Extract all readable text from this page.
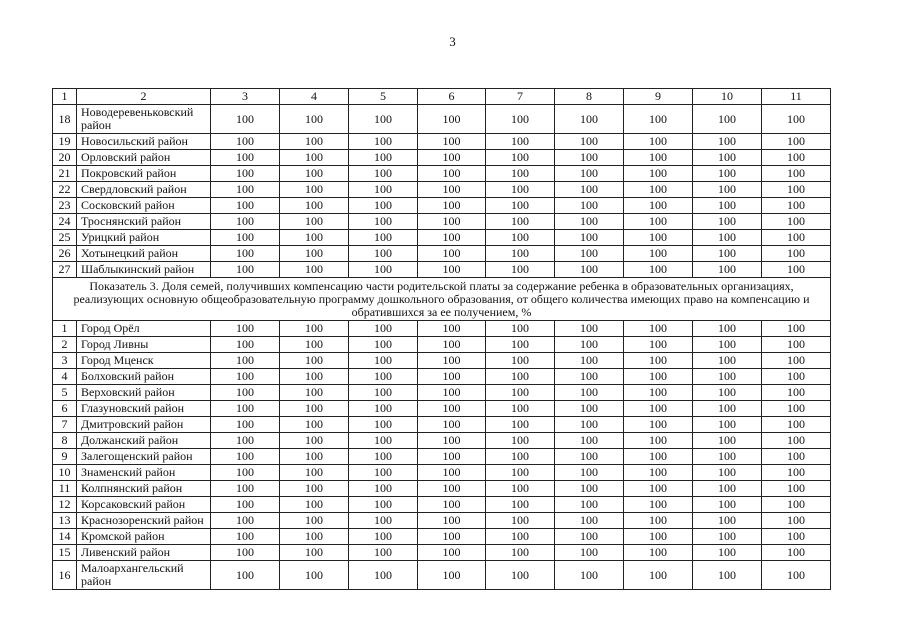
3
1	2	3	4	5	6	7	8	9	10	11
18	Новодеревеньковский район	100	100	100	100	100	100	100	100	100
19	Новосильский район	100	100	100	100	100	100	100	100	100
20	Орловский район	100	100	100	100	100	100	100	100	100
21	Покровский район	100	100	100	100	100	100	100	100	100
22	Свердловский район	100	100	100	100	100	100	100	100	100
23	Сосковский район	100	100	100	100	100	100	100	100	100
24	Троснянский район	100	100	100	100	100	100	100	100	100
25	Урицкий район	100	100	100	100	100	100	100	100	100
26	Хотынецкий район	100	100	100	100	100	100	100	100	100
27	Шаблыкинский район	100	100	100	100	100	100	100	100	100
Показатель 3. Доля семей, получивших компенсацию части родительской платы за содержание ребенка в образовательных организациях, реализующих основную общеобразовательную программу дошкольного образования, от общего количества имеющих право на компенсацию и обратившихся за ее получением, %										
1	Город Орёл	100	100	100	100	100	100	100	100	100
2	Город Ливны	100	100	100	100	100	100	100	100	100
3	Город Мценск	100	100	100	100	100	100	100	100	100
4	Болховский район	100	100	100	100	100	100	100	100	100
5	Верховский район	100	100	100	100	100	100	100	100	100
6	Глазуновский район	100	100	100	100	100	100	100	100	100
7	Дмитровский район	100	100	100	100	100	100	100	100	100
8	Должанский район	100	100	100	100	100	100	100	100	100
9	Залегощенский район	100	100	100	100	100	100	100	100	100
10	Знаменский район	100	100	100	100	100	100	100	100	100
11	Колпнянский район	100	100	100	100	100	100	100	100	100
12	Корсаковский район	100	100	100	100	100	100	100	100	100
13	Краснозоренский район	100	100	100	100	100	100	100	100	100
14	Кромской район	100	100	100	100	100	100	100	100	100
15	Ливенский район	100	100	100	100	100	100	100	100	100
16	Малоархангельский район	100	100	100	100	100	100	100	100	100
